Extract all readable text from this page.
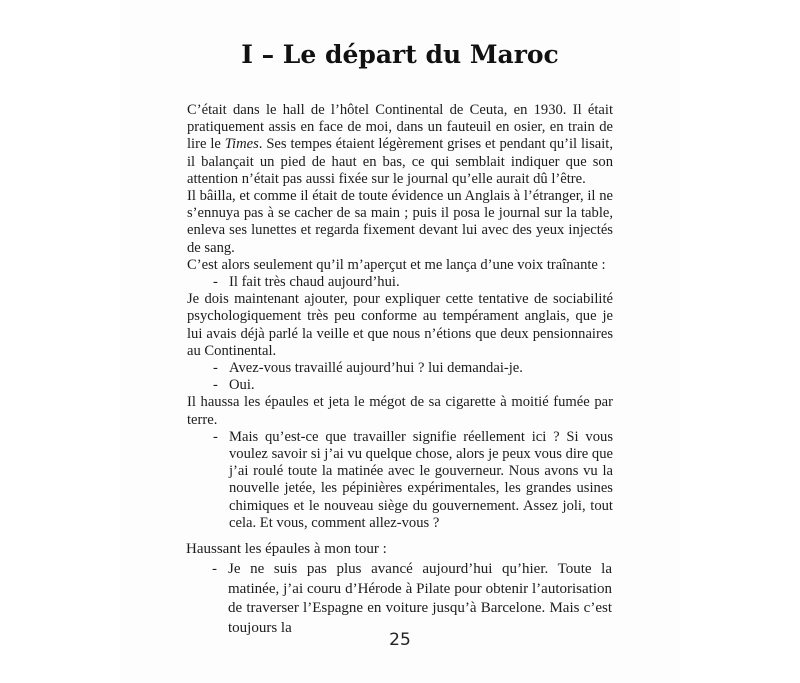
I – Le départ du Maroc

C’était dans le hall de l’hôtel Continental de Ceuta, en 1930. Il était pratiquement assis en face de moi, dans un fauteuil en osier, en train de lire le Times. Ses tempes étaient légèrement grises et pendant qu’il lisait, il balançait un pied de haut en bas, ce qui semblait indiquer que son attention n’était pas aussi fixée sur le journal qu’elle aurait dû l’être.

Il bâilla, et comme il était de toute évidence un Anglais à l’étranger, il ne s’ennuya pas à se cacher de sa main ; puis il posa le journal sur la table, enleva ses lunettes et regarda fixement devant lui avec des yeux injectés de sang.

C’est alors seulement qu’il m’aperçut et me lança d’une voix traînante :

- Il fait très chaud aujourd’hui.

Je dois maintenant ajouter, pour expliquer cette tentative de sociabilité psychologiquement très peu conforme au tempérament anglais, que je lui avais déjà parlé la veille et que nous n’étions que deux pensionnaires au Continental.

- Avez-vous travaillé aujourd’hui ? lui demandai-je.

- Oui.

Il haussa les épaules et jeta le mégot de sa cigarette à moitié fumée par terre.

- Mais qu’est-ce que travailler signifie réellement ici ? Si vous voulez savoir si j’ai vu quelque chose, alors je peux vous dire que j’ai roulé toute la matinée avec le gouverneur. Nous avons vu la nouvelle jetée, les pépinières expérimentales, les grandes usines chimiques et le nouveau siège du gouvernement. Assez joli, tout cela. Et vous, comment allez-vous ?

Haussant les épaules à mon tour :

- Je ne suis pas plus avancé aujourd’hui qu’hier. Toute la matinée, j’ai couru d’Hérode à Pilate pour obtenir l’autorisation de traverser l’Espagne en voiture jusqu’à Barcelone. Mais c’est toujours la

25
